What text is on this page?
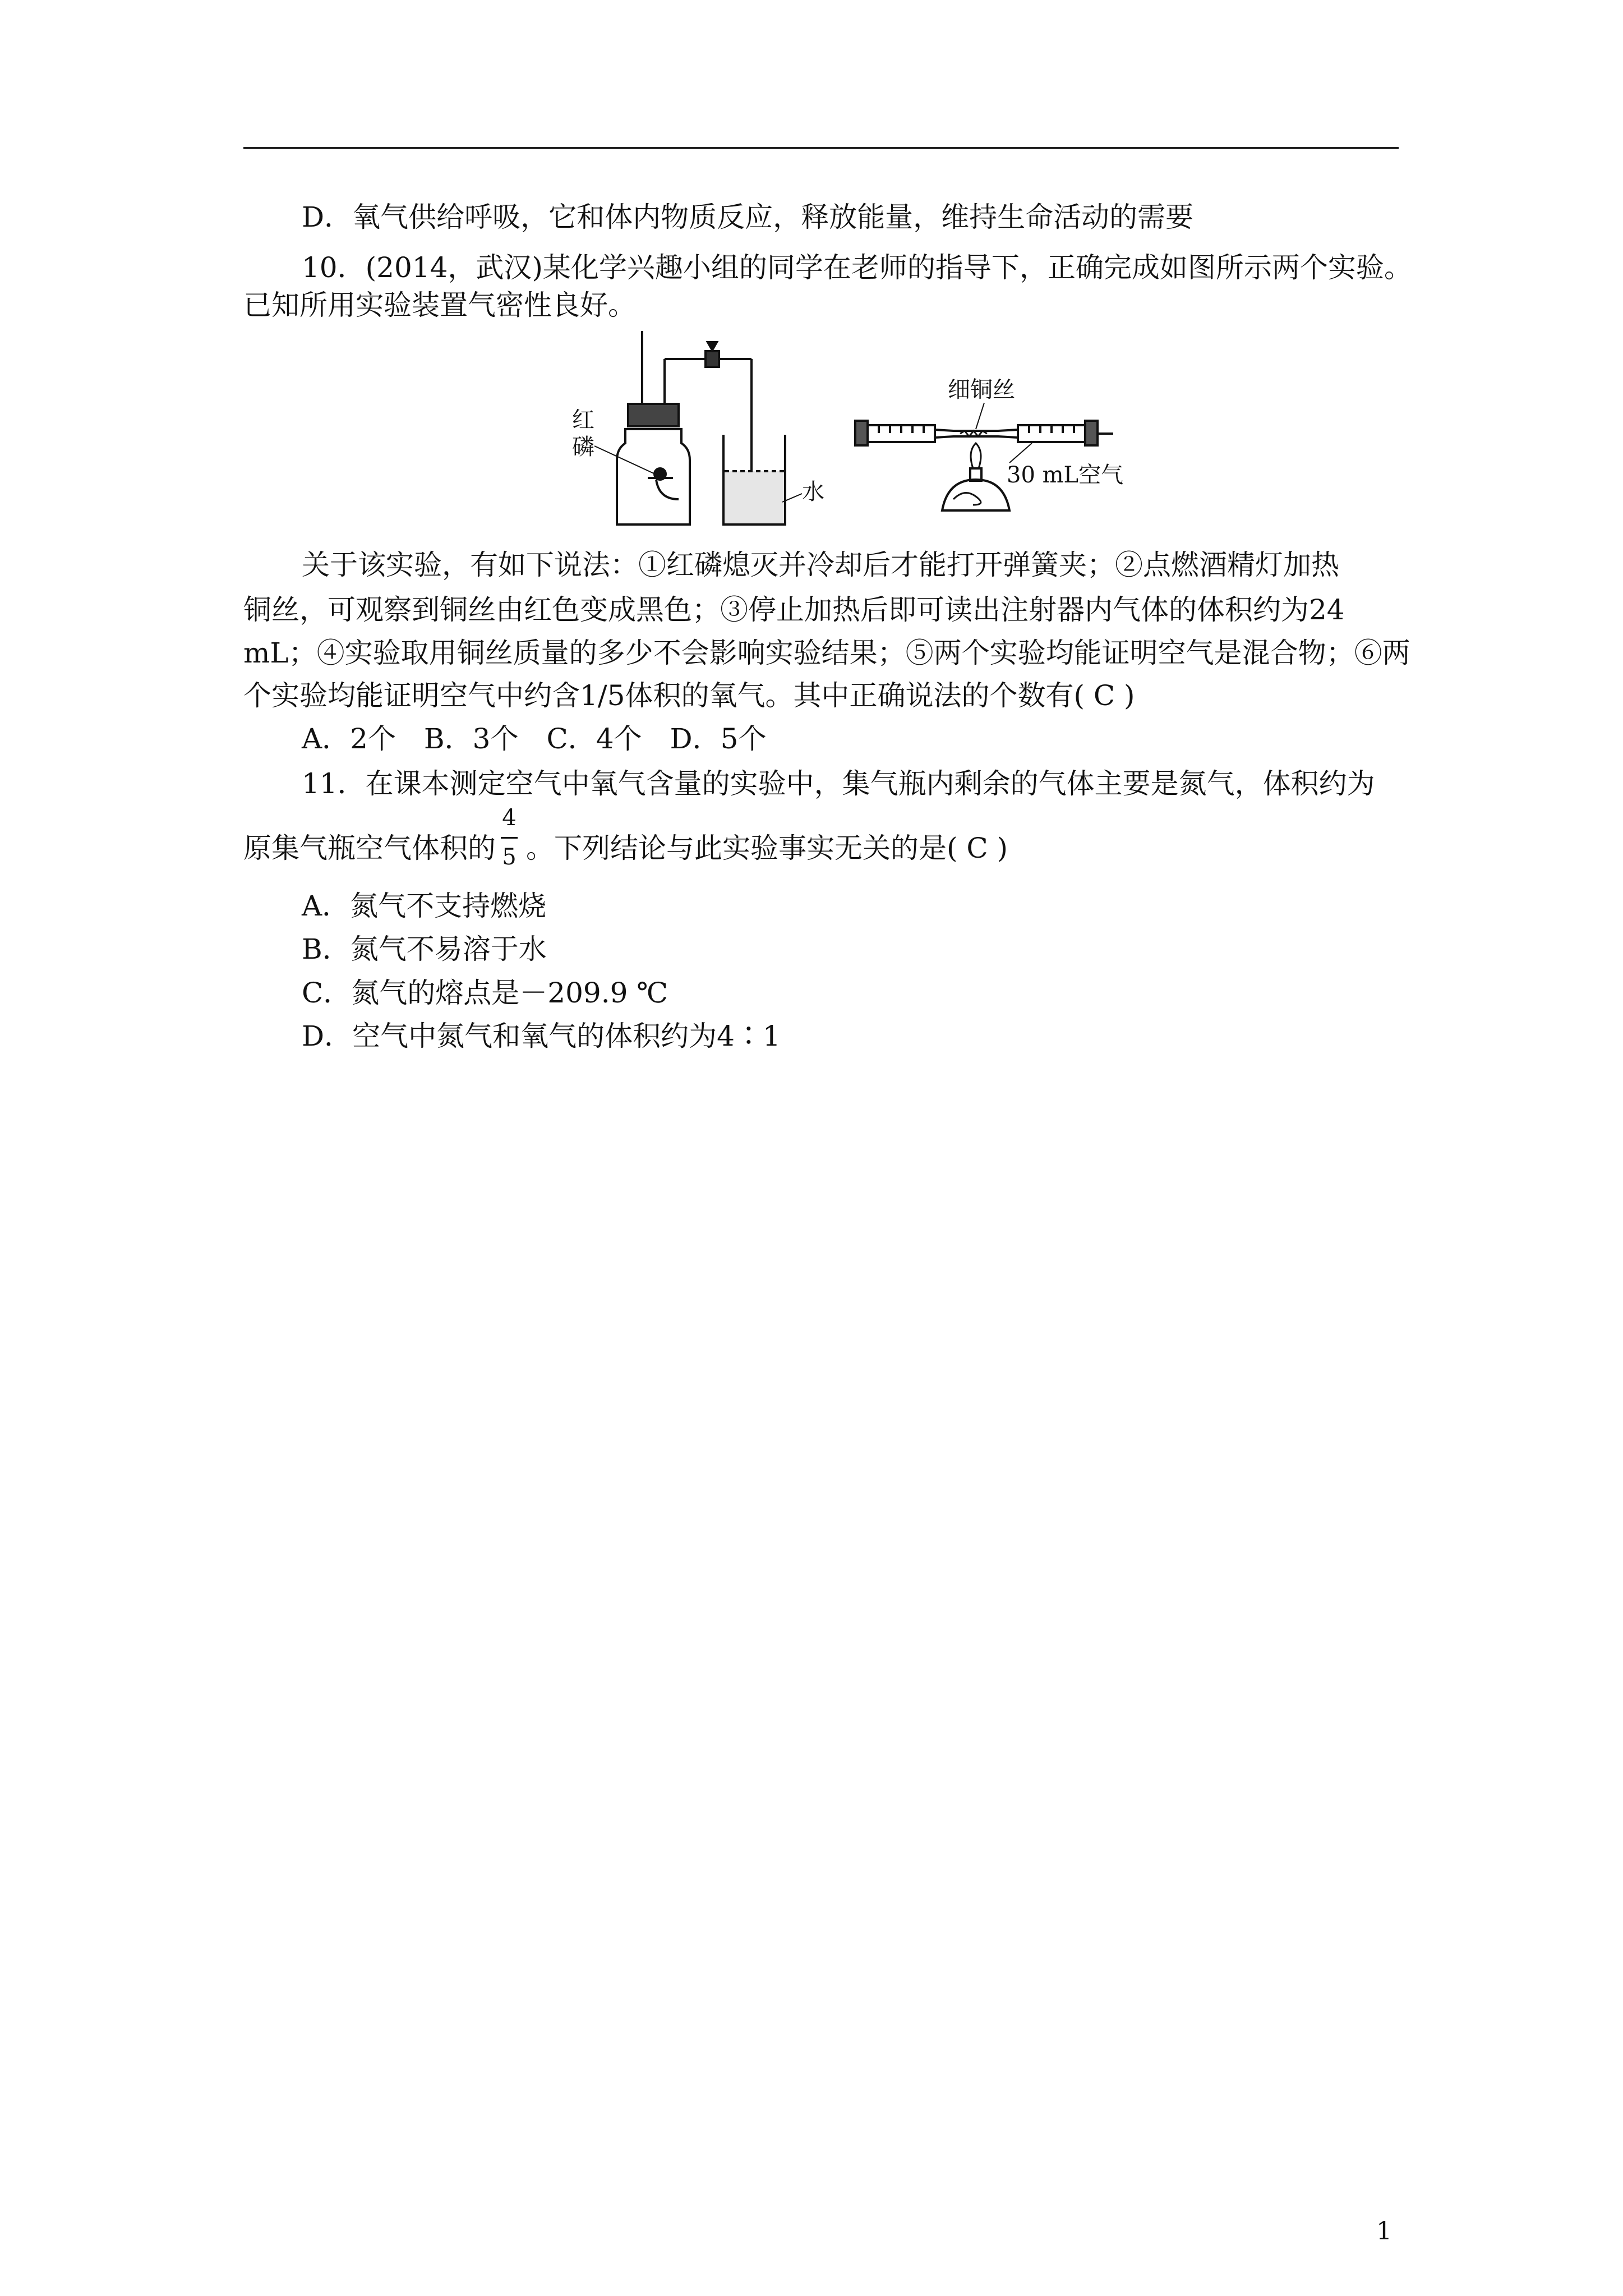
D．氧气供给呼吸，它和体内物质反应，释放能量，维持生命活动的需要
10．(2014，武汉)某化学兴趣小组的同学在老师的指导下，正确完成如图所示两个实验。
已知所用实验装置气密性良好。
红
磷
水
细铜丝
30 mL空气
关于该实验，有如下说法：①红磷熄灭并冷却后才能打开弹簧夹；②点燃酒精灯加热
铜丝，可观察到铜丝由红色变成黑色；③停止加热后即可读出注射器内气体的体积约为24
mL；④实验取用铜丝质量的多少不会影响实验结果；⑤两个实验均能证明空气是混合物；⑥两
个实验均能证明空气中约含1/5体积的氧气。其中正确说法的个数有( C )
A．2个　B．3个　C．4个　D．5个
11．在课本测定空气中氧气含量的实验中，集气瓶内剩余的气体主要是氮气，体积约为
原集气瓶空气体积的
4
5 。下列结论与此实验事实无关的是( C )
A．氮气不支持燃烧
B．氮气不易溶于水
C．氮气的熔点是－209.9 ℃
D．空气中氮气和氧气的体积约为4∶1
1
